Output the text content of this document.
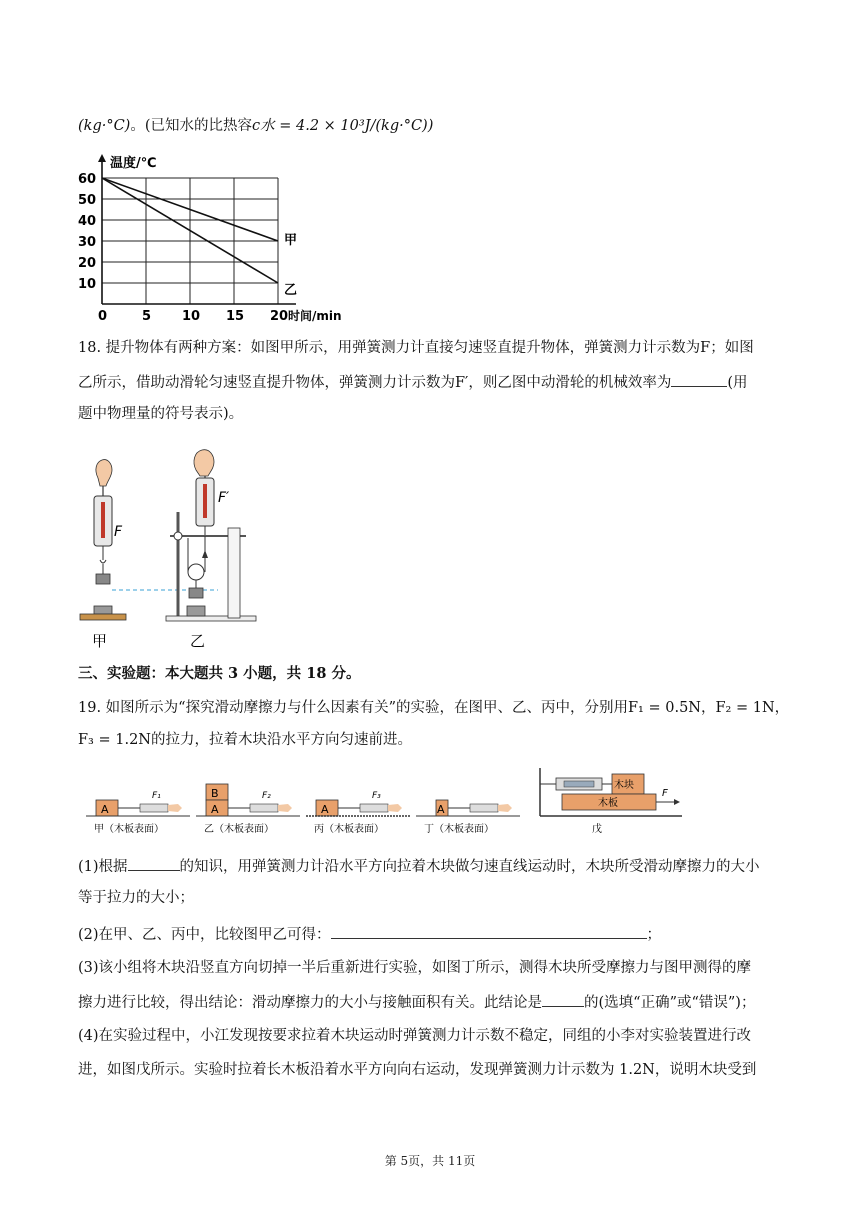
(kg·°C)。(已知水的比热容c水 = 4.2 × 10³J/(kg·°C))
甲
乙
60
50
40
30
20
10
0	5 10 15 20
温度/℃
时间/min
18. 提升物体有两种方案：如图甲所示，用弹簧测力计直接匀速竖直提升物体，弹簧测力计示数为F；如图
乙所示，借助动滑轮匀速竖直提升物体，弹簧测力计示数为F′，则乙图中动滑轮的机械效率为	(用
题中物理量的符号表示)。
F
F′
甲	乙
三、实验题：本大题共 3 小题，共 18 分。
19. 如图所示为“探究滑动摩擦力与什么因素有关”的实验，在图甲、乙、丙中，分别用F₁ = 0.5N，F₂ = 1N，
F₃ = 1.2N的拉力，拉着木块沿水平方向匀速前进。
A
F₁
甲（木板表面）
B
A
F₂
乙（木板表面）
A
F₃
丙（木板表面）
A
丁（木板表面）
木块
木板
F
戊
(1)根据	的知识，用弹簧测力计沿水平方向拉着木块做匀速直线运动时，木块所受滑动摩擦力的大小
等于拉力的大小；
(2)在甲、乙、丙中，比较图甲乙可得：	；
(3)该小组将木块沿竖直方向切掉一半后重新进行实验，如图丁所示，测得木块所受摩擦力与图甲测得的摩
擦力进行比较，得出结论：滑动摩擦力的大小与接触面积有关。此结论是	的(选填“正确”或“错误”)；
(4)在实验过程中，小江发现按要求拉着木块运动时弹簧测力计示数不稳定，同组的小李对实验装置进行改
进，如图戊所示。实验时拉着长木板沿着水平方向向右运动，发现弹簧测力计示数为 1.2N，说明木块受到
第 5页，共 11页
